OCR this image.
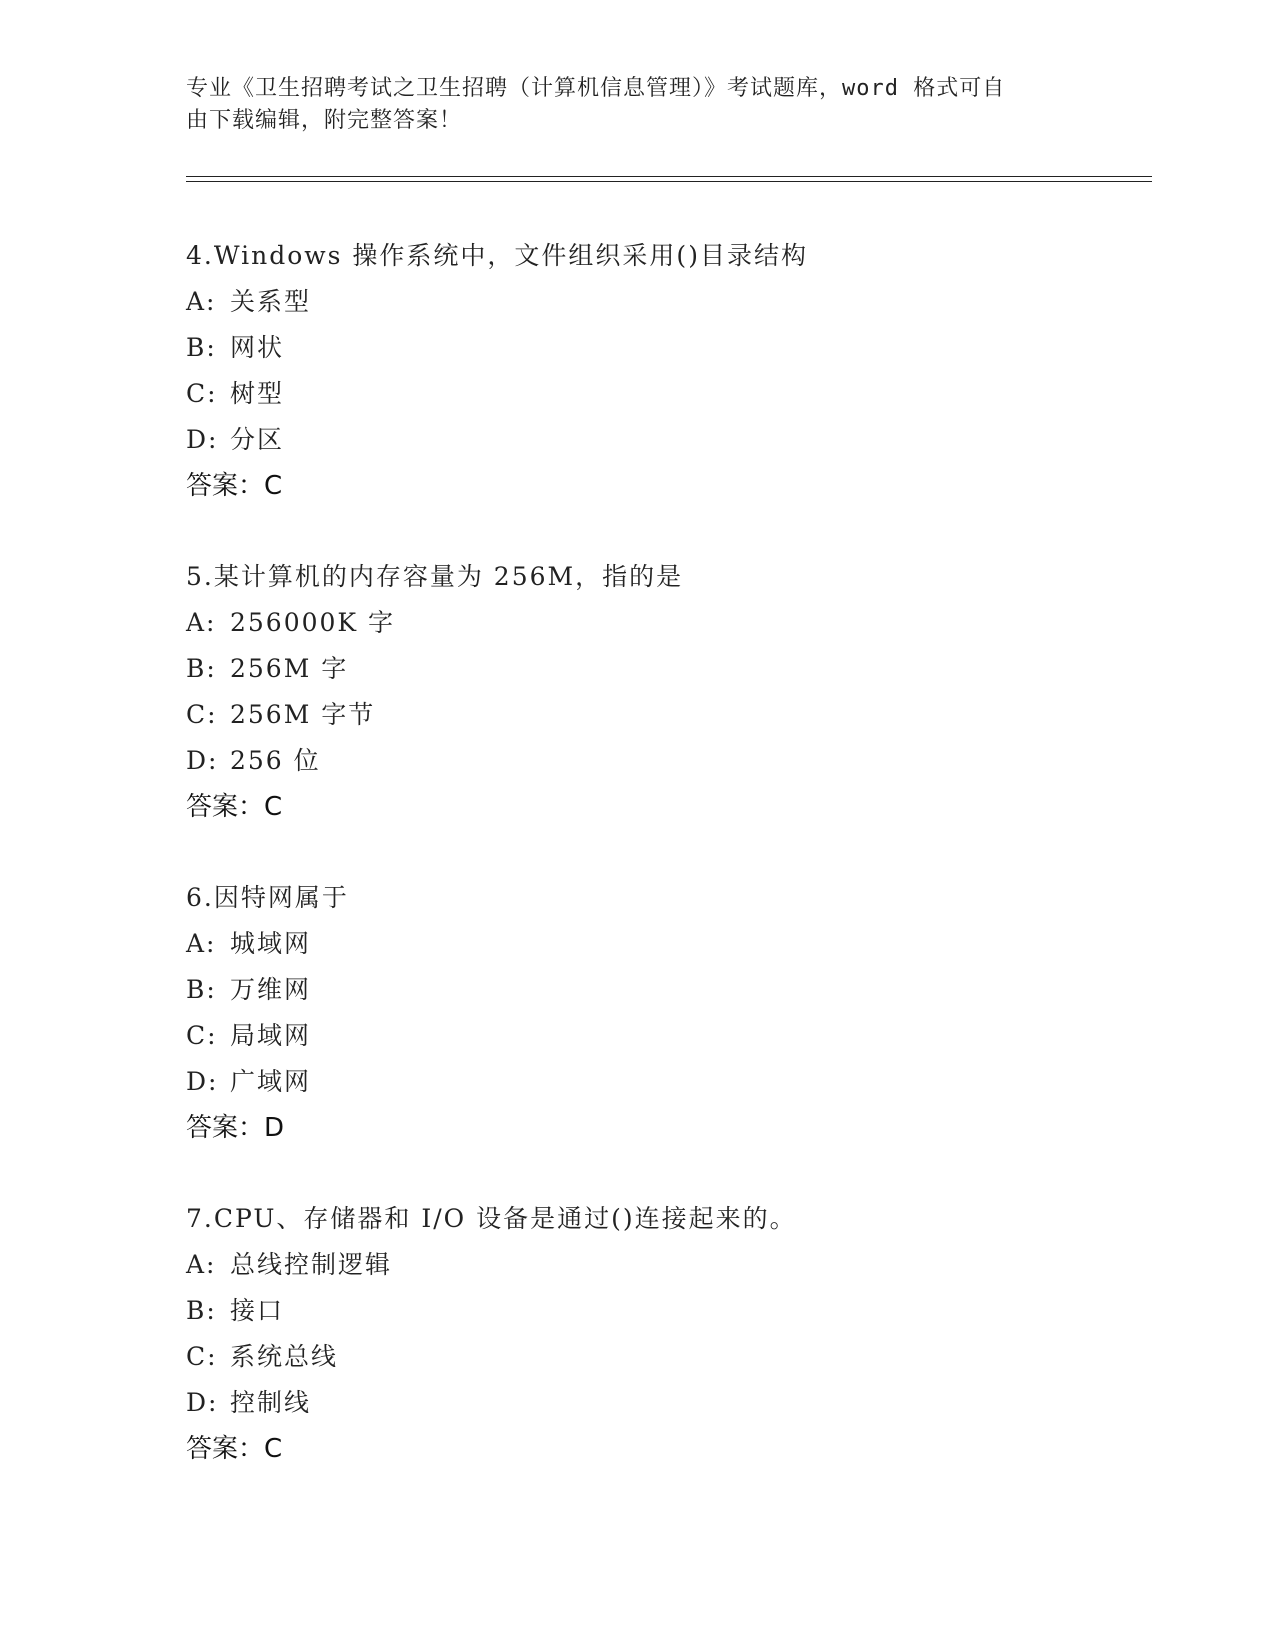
专业《卫生招聘考试之卫生招聘（计算机信息管理）》考试题库，word 格式可自
由下载编辑，附完整答案！
4.Windows 操作系统中，文件组织采用()目录结构
A: 关系型
B: 网状
C: 树型
D: 分区
答案：C
5.某计算机的内存容量为 256M，指的是
A: 256000K 字
B: 256M 字
C: 256M 字节
D: 256 位
答案：C
6.因特网属于
A: 城域网
B: 万维网
C: 局域网
D: 广域网
答案：D
7.CPU、存储器和 I/O 设备是通过()连接起来的。
A: 总线控制逻辑
B: 接口
C: 系统总线
D: 控制线
答案：C
